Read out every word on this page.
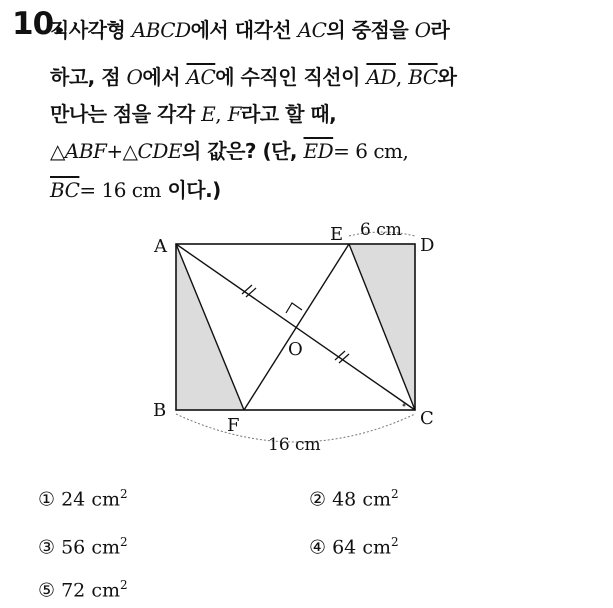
10.
직사각형 ABCD에서 대각선 AC의 중점을 O라
하고, 점 O에서 $\overline{AC}$에 수직인 직선이 $\overline{AD}$, $\overline{BC}$와
만나는 점을 각각 E, F라고 할 때,
△ABF+△CDE의 값은? (단, $\overline{ED}= 6$ cm,
$\overline{BC}= 16$ cm 이다.)
A
B	C
D
E
F
O
6 cm
16 cm
① 24 $cm^2$	② 48 $cm^2$
③ 56 $cm^2$	④ 64 $cm^2$
⑤ 72 $cm^2$
